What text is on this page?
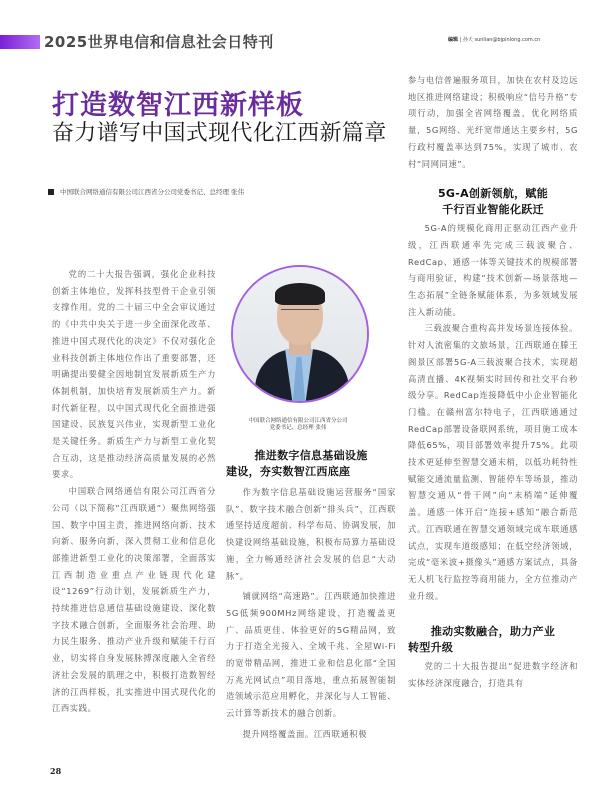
2025世界电信和信息社会日特刊	编辑 | 孙天 sunlian@bjpinlong.com.cn
打造数智江西新样板
奋力谱写中国式现代化江西新篇章
中国联合网络通信有限公司江西省分公司党委书记、总经理 张伟

党的二十大报告强调，强化企业科技创新主体地位，发挥科技型骨干企业引领支撑作用。党的二十届三中全会审议通过的《中共中央关于进一步全面深化改革、推进中国式现代化的决定》不仅对强化企业科技创新主体地位作出了重要部署，还明确提出要健全因地制宜发展新质生产力体制机制，加快培育发展新质生产力。新时代新征程，以中国式现代化全面推进强国建设、民族复兴伟业，实现新型工业化是关键任务。新质生产力与新型工业化契合互动，这是推动经济高质量发展的必然要求。

中国联合网络通信有限公司江西省分公司（以下简称“江西联通”）聚焦网络强国、数字中国主责，推进网络向新、技术向新、服务向新，深入贯彻工业和信息化部推进新型工业化的决策部署，全面落实江西制造业重点产业链现代化建设“1269”行动计划，发展新质生产力，持续推进信息通信基础设施建设、深化数字技术融合创新，全面服务社会治理、助力民生服务、推动产业升级和赋能千行百业，切实将自身发展脉搏深度融入全省经济社会发展的肌理之中，积极打造数智经济的江西样板，扎实推进中国式现代化的江西实践。

中国联合网络通信有限公司江西省分公司
党委书记、总经理 张伟
推进数字信息基础设施
建设，夯实数智江西底座

作为数字信息基础设施运营服务“国家队”、数字技术融合创新“排头兵”，江西联通坚持适度超前、科学布局、协调发展，加快建设网络基础设施，积极布局算力基础设施，全力畅通经济社会发展的信息“大动脉”。

铺就网络“高速路”。江西联通加快推进5G低频900MHz网络建设，打造覆盖更广、品质更佳、体验更好的5G精品网，致力于打造全光接入、全域千兆、全屋Wi-Fi的宽带精品网，推进工业和信息化部“全国万兆光网试点”项目落地，重点拓展智能制造领域示范应用孵化，并深化与人工智能、云计算等新技术的融合创新。

提升网络覆盖面。江西联通积极

参与电信普遍服务项目，加快在农村及边远地区推进网络建设；积极响应“信号升格”专项行动，加强全省网络覆盖，优化网络质量，5G网络、光纤宽带通达主要乡村，5G行政村覆盖率达到75%，实现了城市、农村“同网同速”。

5G-A创新领航，赋能
千行百业智能化跃迁

5G-A的规模化商用正驱动江西产业升级，江西联通率先完成三载波聚合、RedCap、通感一体等关键技术的规模部署与商用验证，构建“技术创新—场景落地—生态拓展”全链条赋能体系，为多领域发展注入新动能。

三载波聚合重构高并发场景连接体验。针对人流密集的文旅场景，江西联通在滕王阁景区部署5G-A三载波聚合技术，实现超高清直播、4K视频实时回传和社交平台秒级分享。RedCap连接降低中小企业智能化门槛。在赣州富尔特电子，江西联通通过RedCap部署设备联网系统，项目施工成本降低65%，项目部署效率提升75%。此项技术更延伸至智慧交通末梢，以低功耗特性赋能交通流量监测、智能停车等场景，推动智慧交通从“骨干网”向“末梢端”延伸覆盖。通感一体开启“连接+感知”融合新范式。江西联通在智慧交通领域完成车联通感试点，实现车道级感知；在低空经济领域，完成“毫米波+摄像头”通感方案试点，具备无人机飞行监控等商用能力，全方位推动产业升级。

推动实数融合，助力产业
转型升级

党的二十大报告提出“促进数字经济和实体经济深度融合，打造具有

28
